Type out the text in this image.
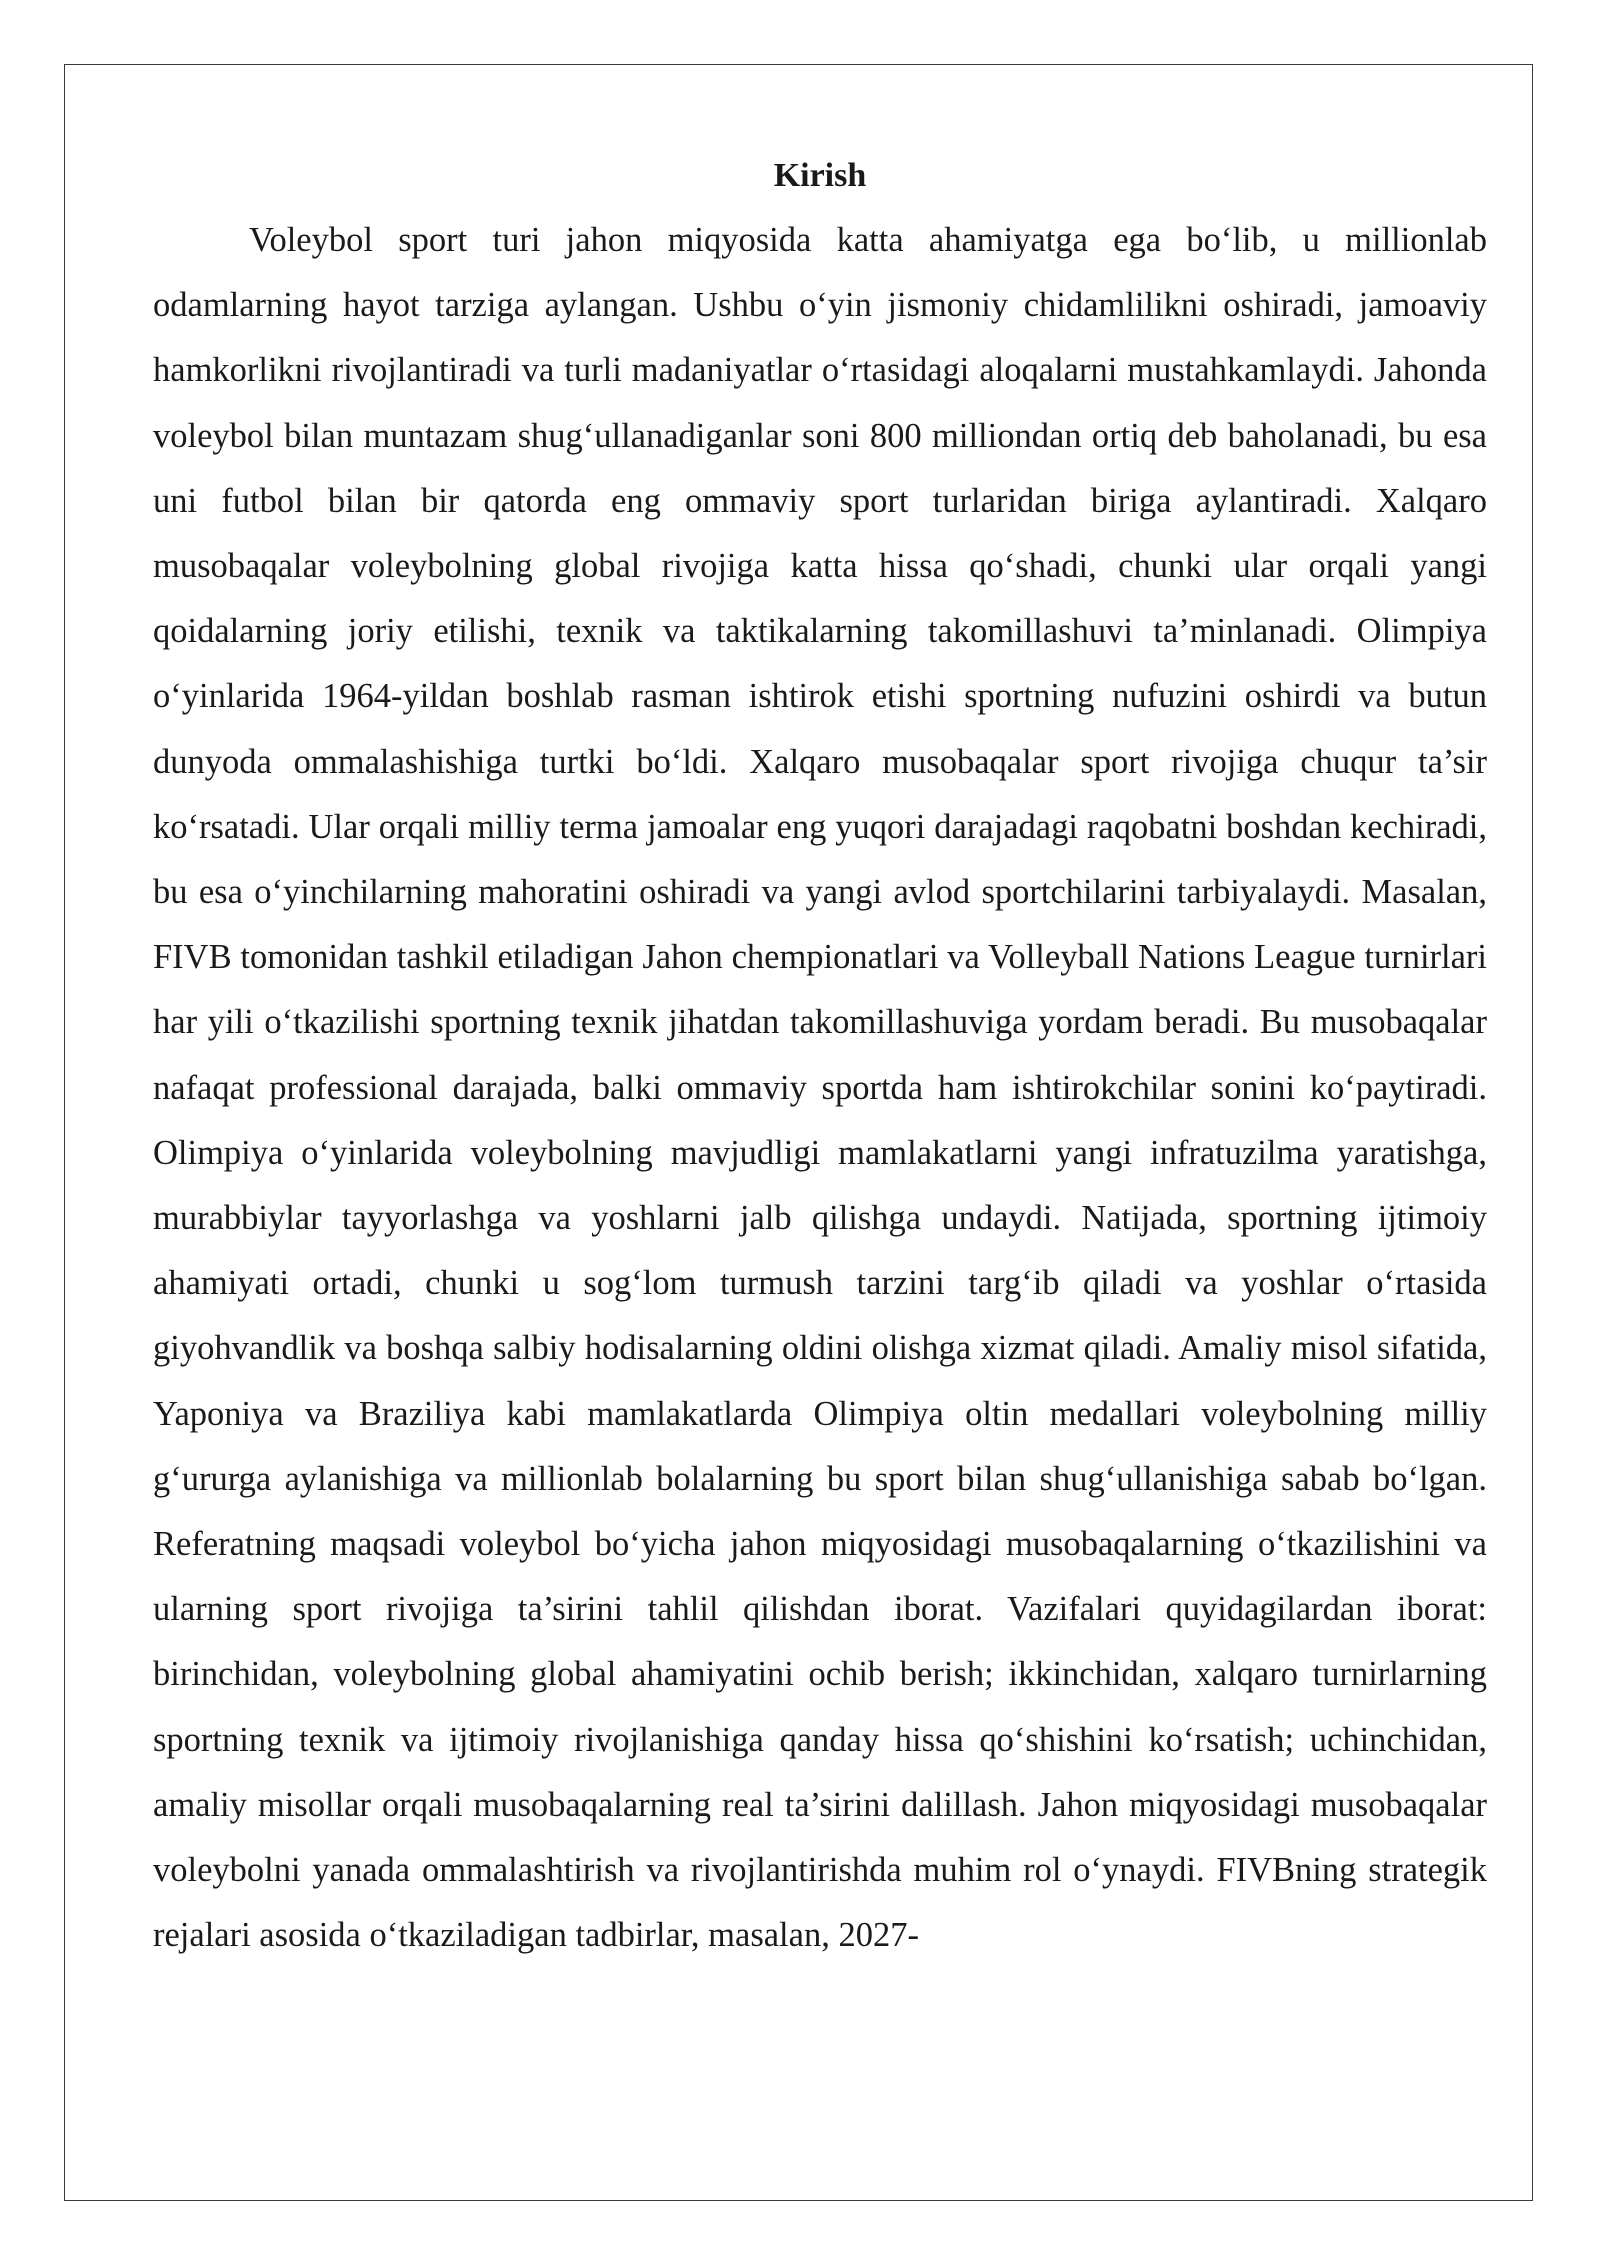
Kirish

Voleybol sport turi jahon miqyosida katta ahamiyatga ega bo‘lib, u millionlab odamlarning hayot tarziga aylangan. Ushbu o‘yin jismoniy chidamlilikni oshiradi, jamoaviy hamkorlikni rivojlantiradi va turli madaniyatlar o‘rtasidagi aloqalarni mustahkamlaydi. Jahonda voleybol bilan muntazam shug‘ullanadiganlar soni 800 milliondan ortiq deb baholanadi, bu esa uni futbol bilan bir qatorda eng ommaviy sport turlaridan biriga aylantiradi. Xalqaro musobaqalar voleybolning global rivojiga katta hissa qo‘shadi, chunki ular orqali yangi qoidalarning joriy etilishi, texnik va taktikalarning takomillashuvi ta’minlanadi. Olimpiya o‘yinlarida 1964-yildan boshlab rasman ishtirok etishi sportning nufuzini oshirdi va butun dunyoda ommalashishiga turtki bo‘ldi. Xalqaro musobaqalar sport rivojiga chuqur ta’sir ko‘rsatadi. Ular orqali milliy terma jamoalar eng yuqori darajadagi raqobatni boshdan kechiradi, bu esa o‘yinchilarning mahoratini oshiradi va yangi avlod sportchilarini tarbiyalaydi. Masalan, FIVB tomonidan tashkil etiladigan Jahon chempionatlari va Volleyball Nations League turnirlari har yili o‘tkazilishi sportning texnik jihatdan takomillashuviga yordam beradi. Bu musobaqalar nafaqat professional darajada, balki ommaviy sportda ham ishtirokchilar sonini ko‘paytiradi. Olimpiya o‘yinlarida voleybolning mavjudligi mamlakatlarni yangi infratuzilma yaratishga, murabbiylar tayyorlashga va yoshlarni jalb qilishga undaydi. Natijada, sportning ijtimoiy ahamiyati ortadi, chunki u sog‘lom turmush tarzini targ‘ib qiladi va yoshlar o‘rtasida giyohvandlik va boshqa salbiy hodisalarning oldini olishga xizmat qiladi. Amaliy misol sifatida, Yaponiya va Braziliya kabi mamlakatlarda Olimpiya oltin medallari voleybolning milliy g‘ururga aylanishiga va millionlab bolalarning bu sport bilan shug‘ullanishiga sabab bo‘lgan. Referatning maqsadi voleybol bo‘yicha jahon miqyosidagi musobaqalarning o‘tkazilishini va ularning sport rivojiga ta’sirini tahlil qilishdan iborat. Vazifalari quyidagilardan iborat: birinchidan, voleybolning global ahamiyatini ochib berish; ikkinchidan, xalqaro turnirlarning sportning texnik va ijtimoiy rivojlanishiga qanday hissa qo‘shishini ko‘rsatish; uchinchidan, amaliy misollar orqali musobaqalarning real ta’sirini dalillash. Jahon miqyosidagi musobaqalar voleybolni yanada ommalashtirish va rivojlantirishda muhim rol o‘ynaydi. FIVBning strategik rejalari asosida o‘tkaziladigan tadbirlar, masalan, 2027-
